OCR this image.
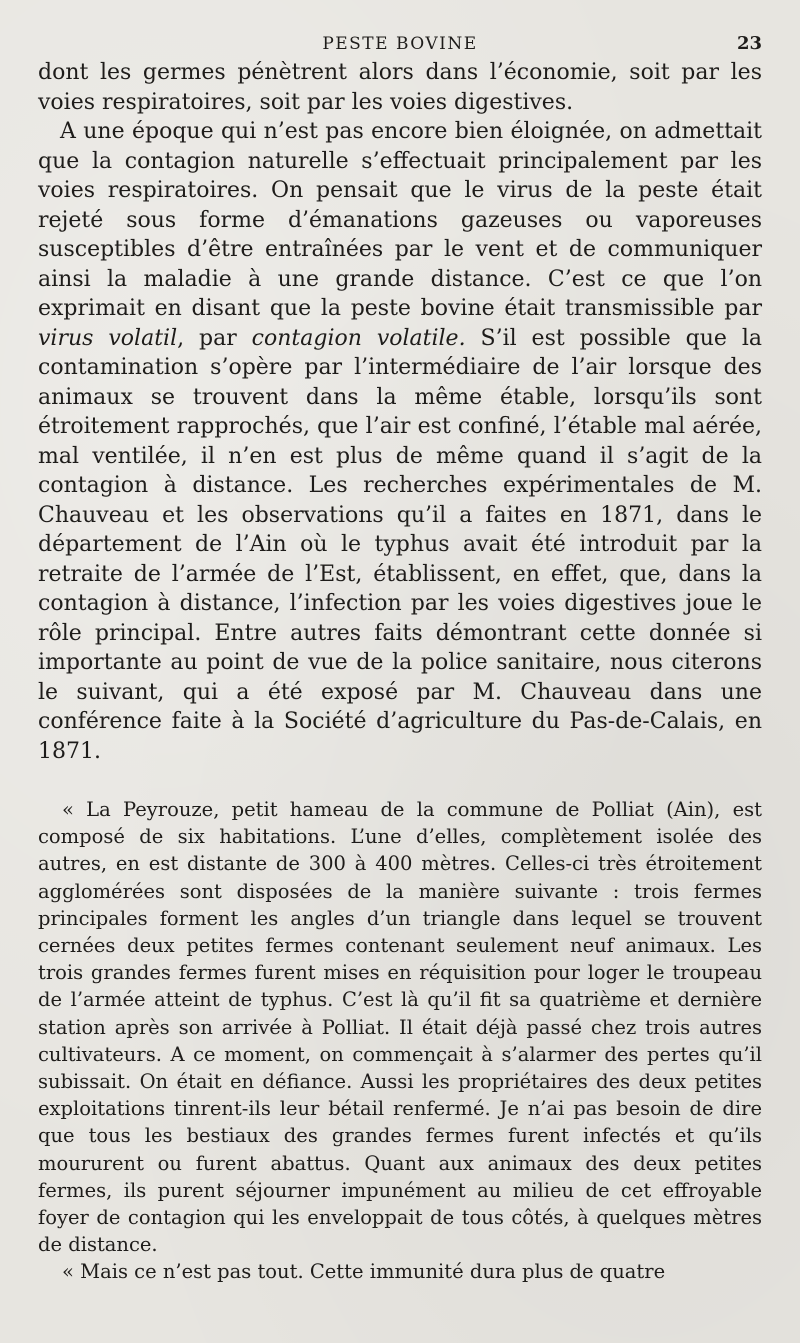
PESTE BOVINE	23

dont les germes pénètrent alors dans l’économie, soit par les voies respiratoires, soit par les voies digestives.

A une époque qui n’est pas encore bien éloignée, on admettait que la contagion naturelle s’effectuait principalement par les voies respiratoires. On pensait que le virus de la peste était rejeté sous forme d’émanations gazeuses ou vaporeuses susceptibles d’être entraînées par le vent et de communiquer ainsi la maladie à une grande distance. C’est ce que l’on exprimait en disant que la peste bovine était transmissible par virus volatil, par contagion volatile. S’il est possible que la contamination s’opère par l’intermédiaire de l’air lorsque des animaux se trouvent dans la même étable, lorsqu’ils sont étroitement rapprochés, que l’air est confiné, l’étable mal aérée, mal ventilée, il n’en est plus de même quand il s’agit de la contagion à distance. Les recherches expérimentales de M. Chauveau et les observations qu’il a faites en 1871, dans le département de l’Ain où le typhus avait été introduit par la retraite de l’armée de l’Est, établissent, en effet, que, dans la contagion à distance, l’infection par les voies digestives joue le rôle principal. Entre autres faits démontrant cette donnée si importante au point de vue de la police sanitaire, nous citerons le suivant, qui a été exposé par M. Chauveau dans une conférence faite à la Société d’agriculture du Pas-de-Calais, en 1871.

« La Peyrouze, petit hameau de la commune de Polliat (Ain), est composé de six habitations. L’une d’elles, complètement isolée des autres, en est distante de 300 à 400 mètres. Celles-ci très étroitement agglomérées sont disposées de la manière suivante : trois fermes principales forment les angles d’un triangle dans lequel se trouvent cernées deux petites fermes contenant seulement neuf animaux. Les trois grandes fermes furent mises en réquisition pour loger le troupeau de l’armée atteint de typhus. C’est là qu’il fit sa quatrième et dernière station après son arrivée à Polliat. Il était déjà passé chez trois autres cultivateurs. A ce moment, on commençait à s’alarmer des pertes qu’il subissait. On était en défiance. Aussi les propriétaires des deux petites exploitations tinrent-ils leur bétail renfermé. Je n’ai pas besoin de dire que tous les bestiaux des grandes fermes furent infectés et qu’ils moururent ou furent abattus. Quant aux animaux des deux petites fermes, ils purent séjourner impunément au milieu de cet effroyable foyer de contagion qui les enveloppait de tous côtés, à quelques mètres de distance.

« Mais ce n’est pas tout. Cette immunité dura plus de quatre
